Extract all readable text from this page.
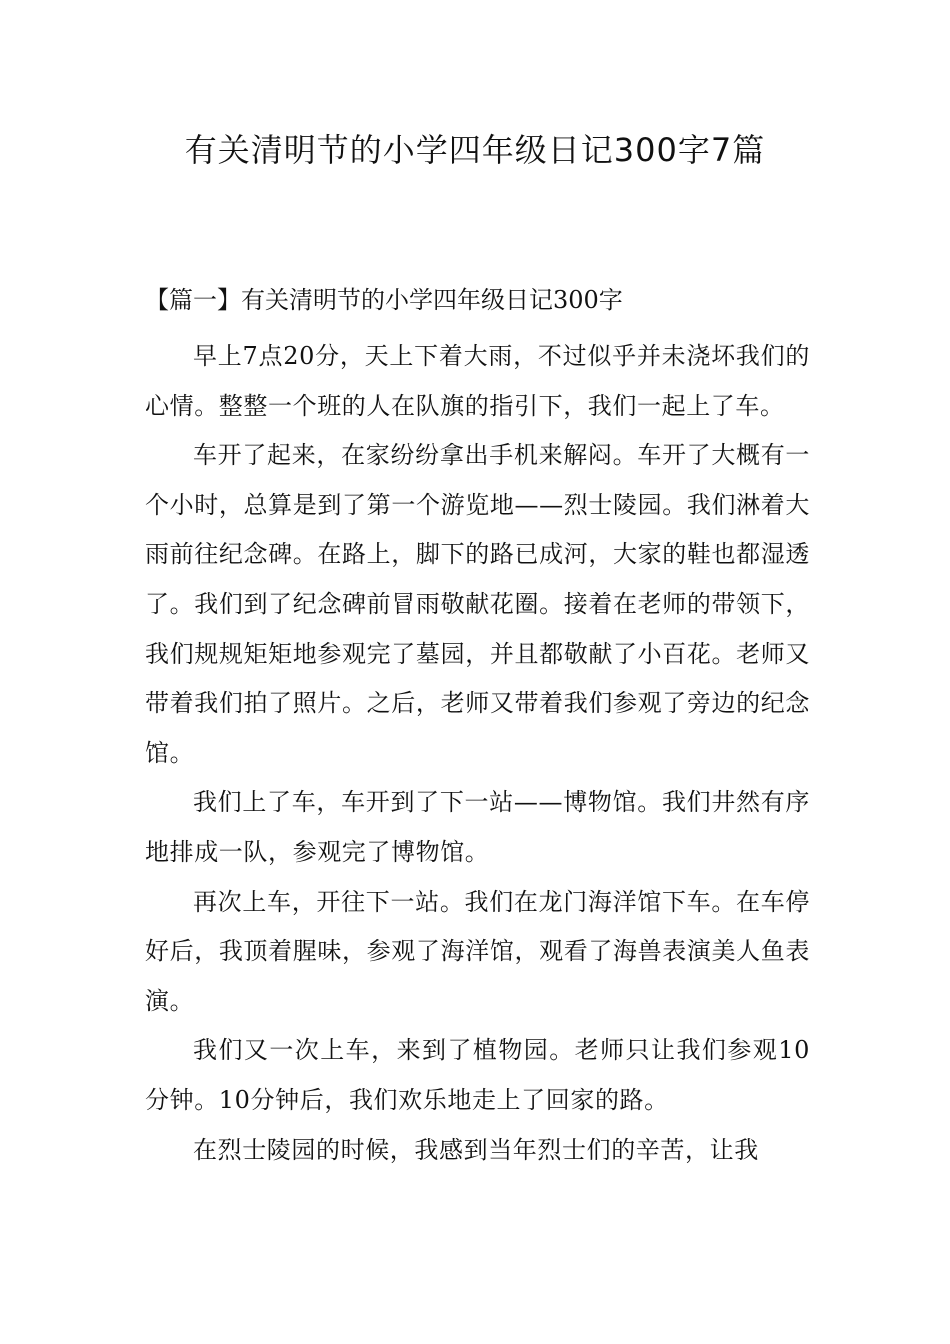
有关清明节的小学四年级日记300字7篇
【篇一】有关清明节的小学四年级日记300字

早上7点20分，天上下着大雨，不过似乎并未浇坏我们的心情。整整一个班的人在队旗的指引下，我们一起上了车。

车开了起来，在家纷纷拿出手机来解闷。车开了大概有一个小时，总算是到了第一个游览地——烈士陵园。我们淋着大雨前往纪念碑。在路上，脚下的路已成河，大家的鞋也都湿透了。我们到了纪念碑前冒雨敬献花圈。接着在老师的带领下，我们规规矩矩地参观完了墓园，并且都敬献了小百花。老师又带着我们拍了照片。之后，老师又带着我们参观了旁边的纪念馆。

我们上了车，车开到了下一站——博物馆。我们井然有序地排成一队，参观完了博物馆。

再次上车，开往下一站。我们在龙门海洋馆下车。在车停好后，我顶着腥味，参观了海洋馆，观看了海兽表演美人鱼表演。

我们又一次上车，来到了植物园。老师只让我们参观10分钟。10分钟后，我们欢乐地走上了回家的路。

在烈士陵园的时候，我感到当年烈士们的辛苦，让我
